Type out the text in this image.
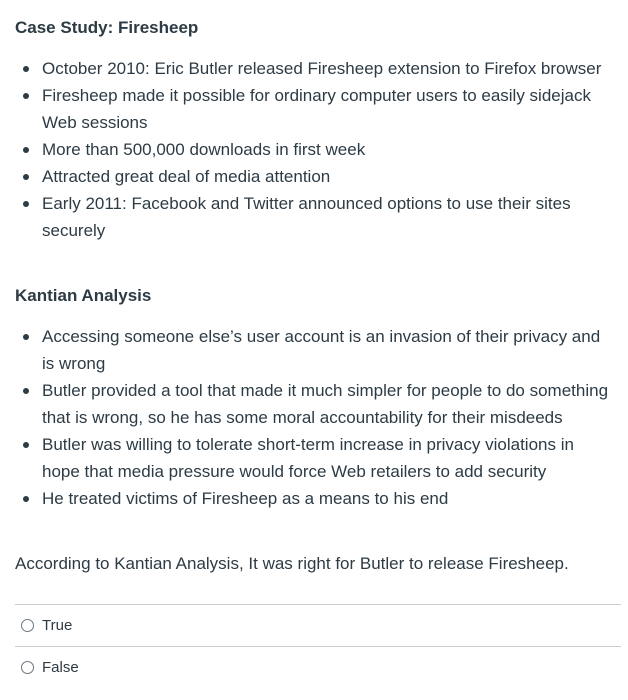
Case Study: Firesheep
October 2010: Eric Butler released Firesheep extension to Firefox browser
Firesheep made it possible for ordinary computer users to easily sidejack Web sessions
More than 500,000 downloads in first week
Attracted great deal of media attention
Early 2011: Facebook and Twitter announced options to use their sites securely
Kantian Analysis
Accessing someone else’s user account is an invasion of their privacy and is wrong
Butler provided a tool that made it much simpler for people to do something that is wrong, so he has some moral accountability for their misdeeds
Butler was willing to tolerate short-term increase in privacy violations in hope that media pressure would force Web retailers to add security
He treated victims of Firesheep as a means to his end

According to Kantian Analysis, It was right for Butler to release Firesheep.

True
False
